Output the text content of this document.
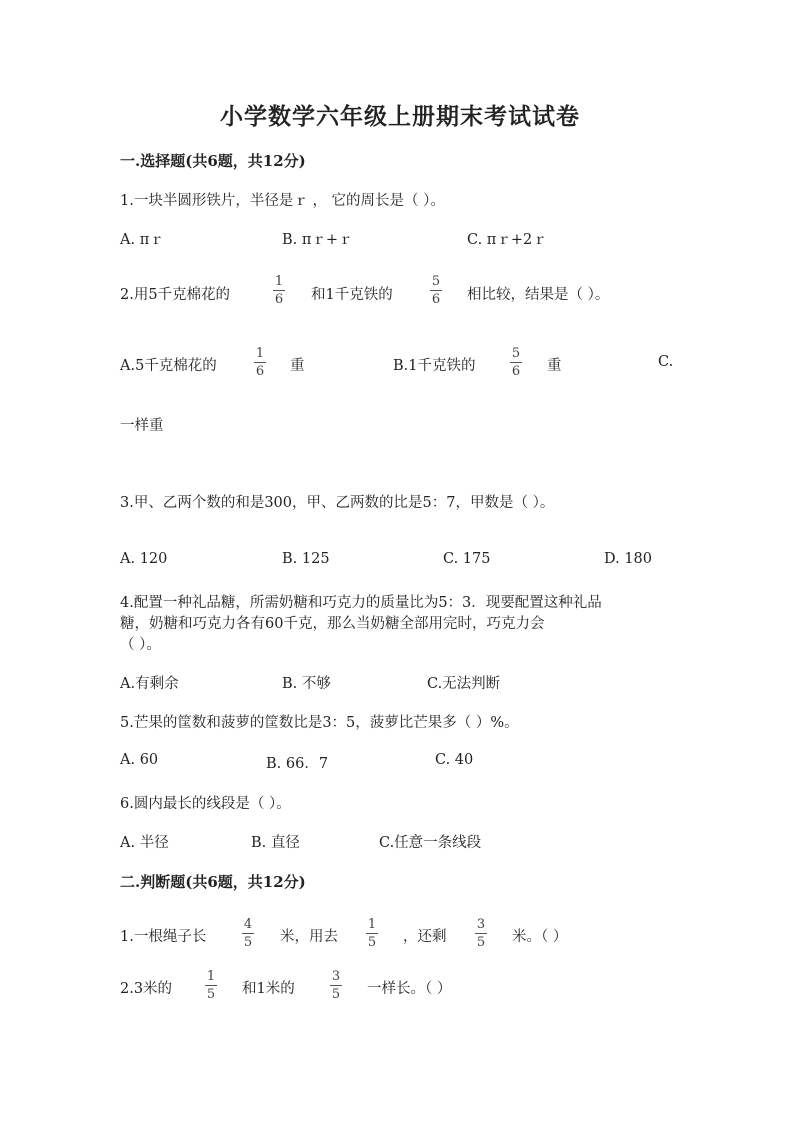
小学数学六年级上册期末考试试卷
一.选择题(共6题，共12分)
1.一块半圆形铁片，半径是ｒ ， 它的周长是（ ）。
A. πｒ	B. πｒ+ｒ	C. πｒ+2ｒ
2.用5千克棉花的
1
6 和1千克铁的
5
6 相比较，结果是（ ）。
A.5千克棉花的
1
6 重	B.1千克铁的
5
6 重	C.
一样重
3.甲、乙两个数的和是300，甲、乙两数的比是5：7，甲数是（ ）。
A. 120	B. 125	C. 175	D. 180
4.配置一种礼品糖，所需奶糖和巧克力的质量比为5：3．现要配置这种礼品
糖，奶糖和巧克力各有60千克，那么当奶糖全部用完时，巧克力会
（ ）。
A.有剩余	B. 不够	C.无法判断
5.芒果的筐数和菠萝的筐数比是3：5，菠萝比芒果多（ ）%。
A. 60	B. 66．7	C. 40
6.圆内最长的线段是（ ）。
A. 半径	B. 直径	C.任意一条线段
二.判断题(共6题，共12分)
1.一根绳子长
4
5 米，用去
1
5 ，还剩
3
5 米。（ ）
2.3米的
1
5 和1米的
3
5 一样长。（ ）
